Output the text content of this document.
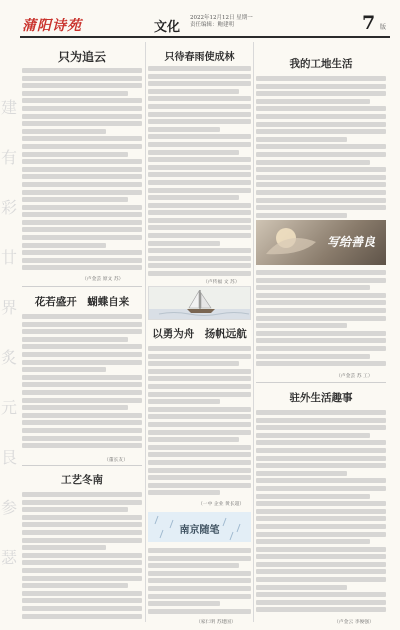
蒲阳诗苑	文化
2022年12月12日 星期一
责任编辑：鲍建明	7 版
建
有
彩
廿
界
炙
元
艮
参
瑟
只为追云
（卢金芸 原文 苏）
花若盛开　蝴蝶自来
（董长友）
工艺冬南
只待春雨使成林
（卢传福 文 苏）
以勇为舟　扬帆远航
（一中 企业 黄长超）
南京随笔
（家仁明 苏建国）
我的工地生活
写给善良
（卢金芸 苏 工）
驻外生活趣事
（卢金云 李俊强）
